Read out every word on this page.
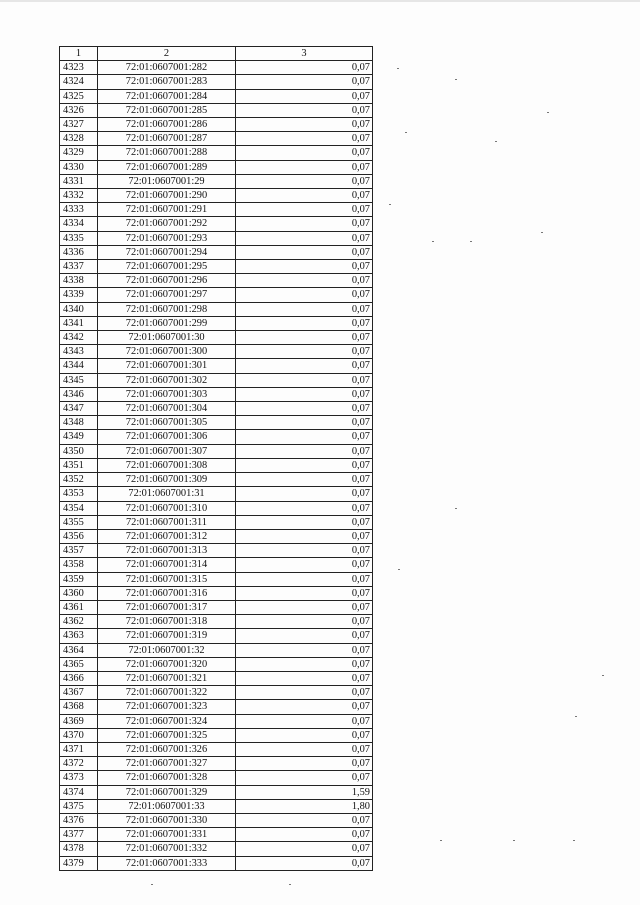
1	2	3
4323	72:01:0607001:282	0,07
4324	72:01:0607001:283	0,07
4325	72:01:0607001:284	0,07
4326	72:01:0607001:285	0,07
4327	72:01:0607001:286	0,07
4328	72:01:0607001:287	0,07
4329	72:01:0607001:288	0,07
4330	72:01:0607001:289	0,07
4331	72:01:0607001:29	0,07
4332	72:01:0607001:290	0,07
4333	72:01:0607001:291	0,07
4334	72:01:0607001:292	0,07
4335	72:01:0607001:293	0,07
4336	72:01:0607001:294	0,07
4337	72:01:0607001:295	0,07
4338	72:01:0607001:296	0,07
4339	72:01:0607001:297	0,07
4340	72:01:0607001:298	0,07
4341	72:01:0607001:299	0,07
4342	72:01:0607001:30	0,07
4343	72:01:0607001:300	0,07
4344	72:01:0607001:301	0,07
4345	72:01:0607001:302	0,07
4346	72:01:0607001:303	0,07
4347	72:01:0607001:304	0,07
4348	72:01:0607001:305	0,07
4349	72:01:0607001:306	0,07
4350	72:01:0607001:307	0,07
4351	72:01:0607001:308	0,07
4352	72:01:0607001:309	0,07
4353	72:01:0607001:31	0,07
4354	72:01:0607001:310	0,07
4355	72:01:0607001:311	0,07
4356	72:01:0607001:312	0,07
4357	72:01:0607001:313	0,07
4358	72:01:0607001:314	0,07
4359	72:01:0607001:315	0,07
4360	72:01:0607001:316	0,07
4361	72:01:0607001:317	0,07
4362	72:01:0607001:318	0,07
4363	72:01:0607001:319	0,07
4364	72:01:0607001:32	0,07
4365	72:01:0607001:320	0,07
4366	72:01:0607001:321	0,07
4367	72:01:0607001:322	0,07
4368	72:01:0607001:323	0,07
4369	72:01:0607001:324	0,07
4370	72:01:0607001:325	0,07
4371	72:01:0607001:326	0,07
4372	72:01:0607001:327	0,07
4373	72:01:0607001:328	0,07
4374	72:01:0607001:329	1,59
4375	72:01:0607001:33	1,80
4376	72:01:0607001:330	0,07
4377	72:01:0607001:331	0,07
4378	72:01:0607001:332	0,07
4379	72:01:0607001:333	0,07
